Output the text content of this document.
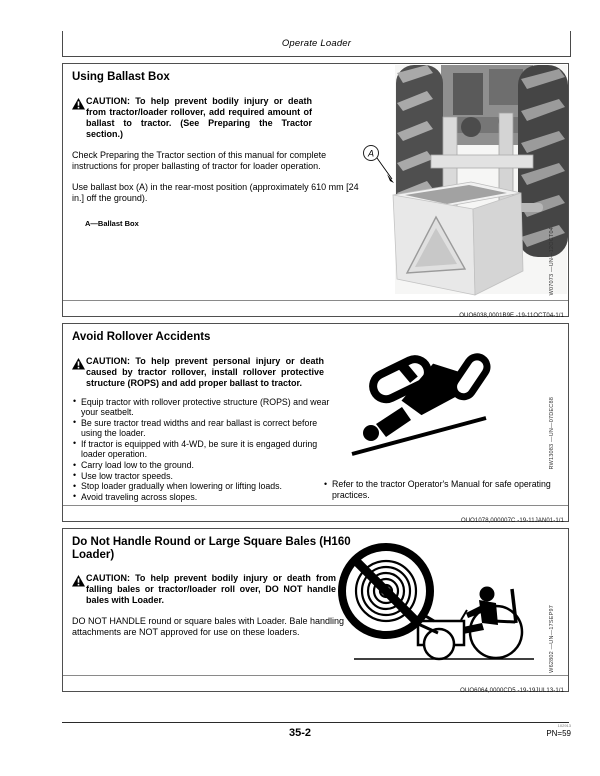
Operate Loader
Using Ballast Box

CAUTION: To help prevent bodily injury or death from tractor/loader rollover, add required amount of ballast to tractor. (See Preparing the Tractor section.)

Check Preparing the Tractor section of this manual for complete instructions for proper ballasting of tractor for loader operation.

Use ballast box (A) in the rear-most position (approximately 610 mm [24 in.] off the ground).

A—Ballast Box

A
W07073 —UN—12OCT04
OUO6038,0001B9E -19-11OCT04-1/1
Avoid Rollover Accidents

CAUTION: To help prevent personal injury or death caused by tractor rollover, install rollover protective structure (ROPS) and add proper ballast to tractor.

• Equip tractor with rollover protective structure (ROPS) and wear your seatbelt.
• Be sure tractor tread widths and rear ballast is correct before using the loader.
• If tractor is equipped with 4-WD, be sure it is engaged during loader operation.
• Carry load low to the ground.
• Use low tractor speeds.
• Stop loader gradually when lowering or lifting loads.
• Avoid traveling across slopes.
• Refer to the tractor Operator's Manual for safe operating practices.
RW13083 —UN—07DEC88
OUO1078,000007C -19-11JAN01-1/1
Do Not Handle Round or Large Square Bales (H160 Loader)

CAUTION: To help prevent bodily injury or death from falling bales or tractor/loader roll over, DO NOT handle bales with Loader.

DO NOT HANDLE round or square bales with Loader. Bale handling attachments are NOT approved for use on these loaders.	W62802 —UN—17SEP97
OUO6064,0000CD5 -19-19JUL13-1/1
35-2
102913
PN=59
